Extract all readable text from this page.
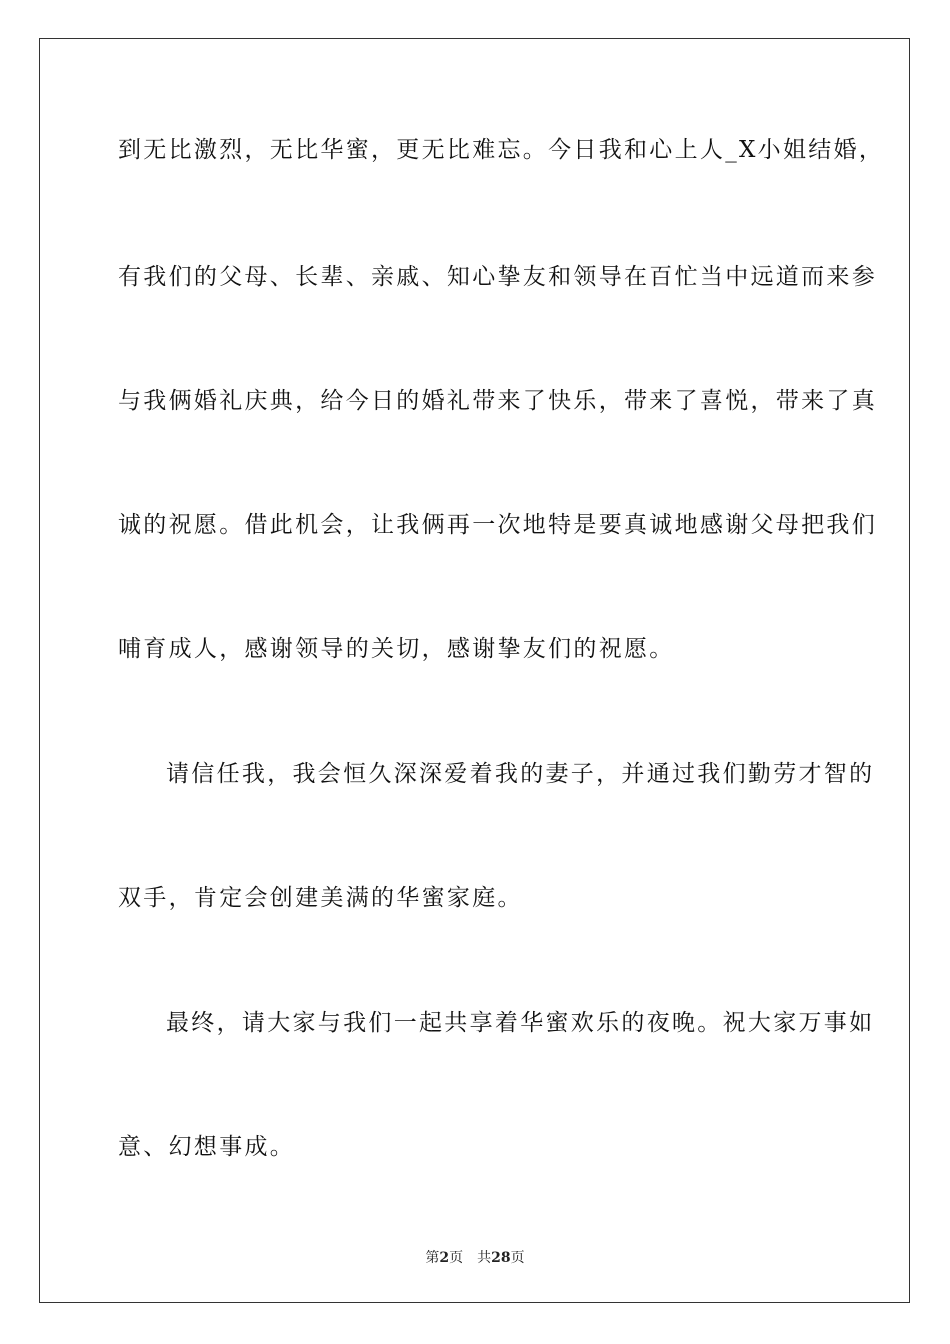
到无比激烈，无比华蜜，更无比难忘。今日我和心上人_X小姐结婚，
有我们的父母、长辈、亲戚、知心挚友和领导在百忙当中远道而来参
与我俩婚礼庆典，给今日的婚礼带来了快乐，带来了喜悦，带来了真
诚的祝愿。借此机会，让我俩再一次地特是要真诚地感谢父母把我们
哺育成人，感谢领导的关切，感谢挚友们的祝愿。
请信任我，我会恒久深深爱着我的妻子，并通过我们勤劳才智的
双手，肯定会创建美满的华蜜家庭。
最终，请大家与我们一起共享着华蜜欢乐的夜晚。祝大家万事如
意、幻想事成。
第2页 共28页
